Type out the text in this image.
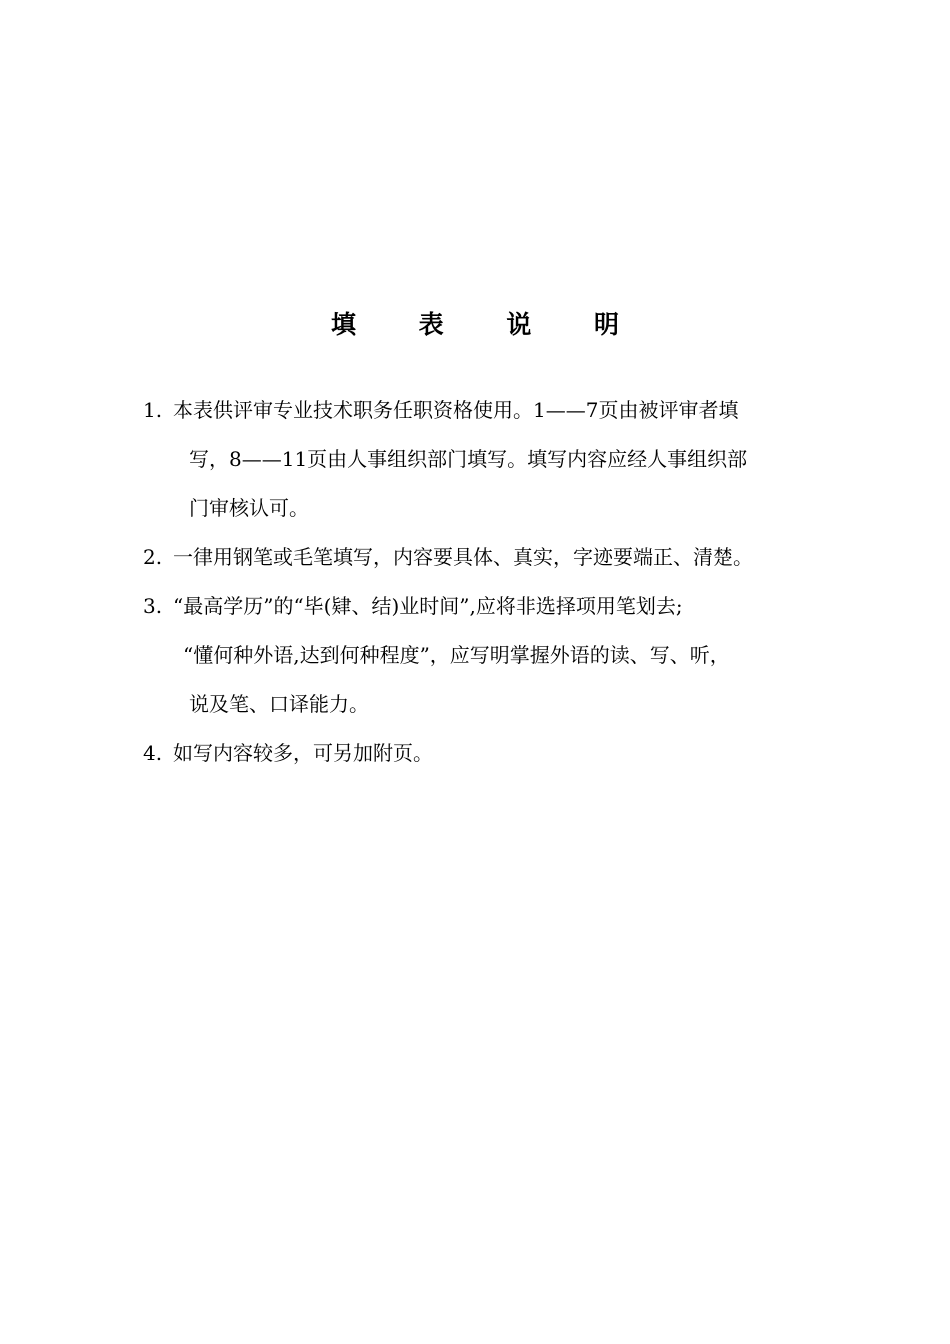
填 表 说 明
1. 本表供评审专业技术职务任职资格使用。1——7页由被评审者填
写，8——11页由人事组织部门填写。填写内容应经人事组织部
门审核认可。
2. 一律用钢笔或毛笔填写，内容要具体、真实，字迹要端正、清楚。
3. “最高学历”的“毕(肄、结)业时间”,应将非选择项用笔划去;
“懂何种外语,达到何种程度”，应写明掌握外语的读、写、听，
说及笔、口译能力。
4. 如写内容较多，可另加附页。
